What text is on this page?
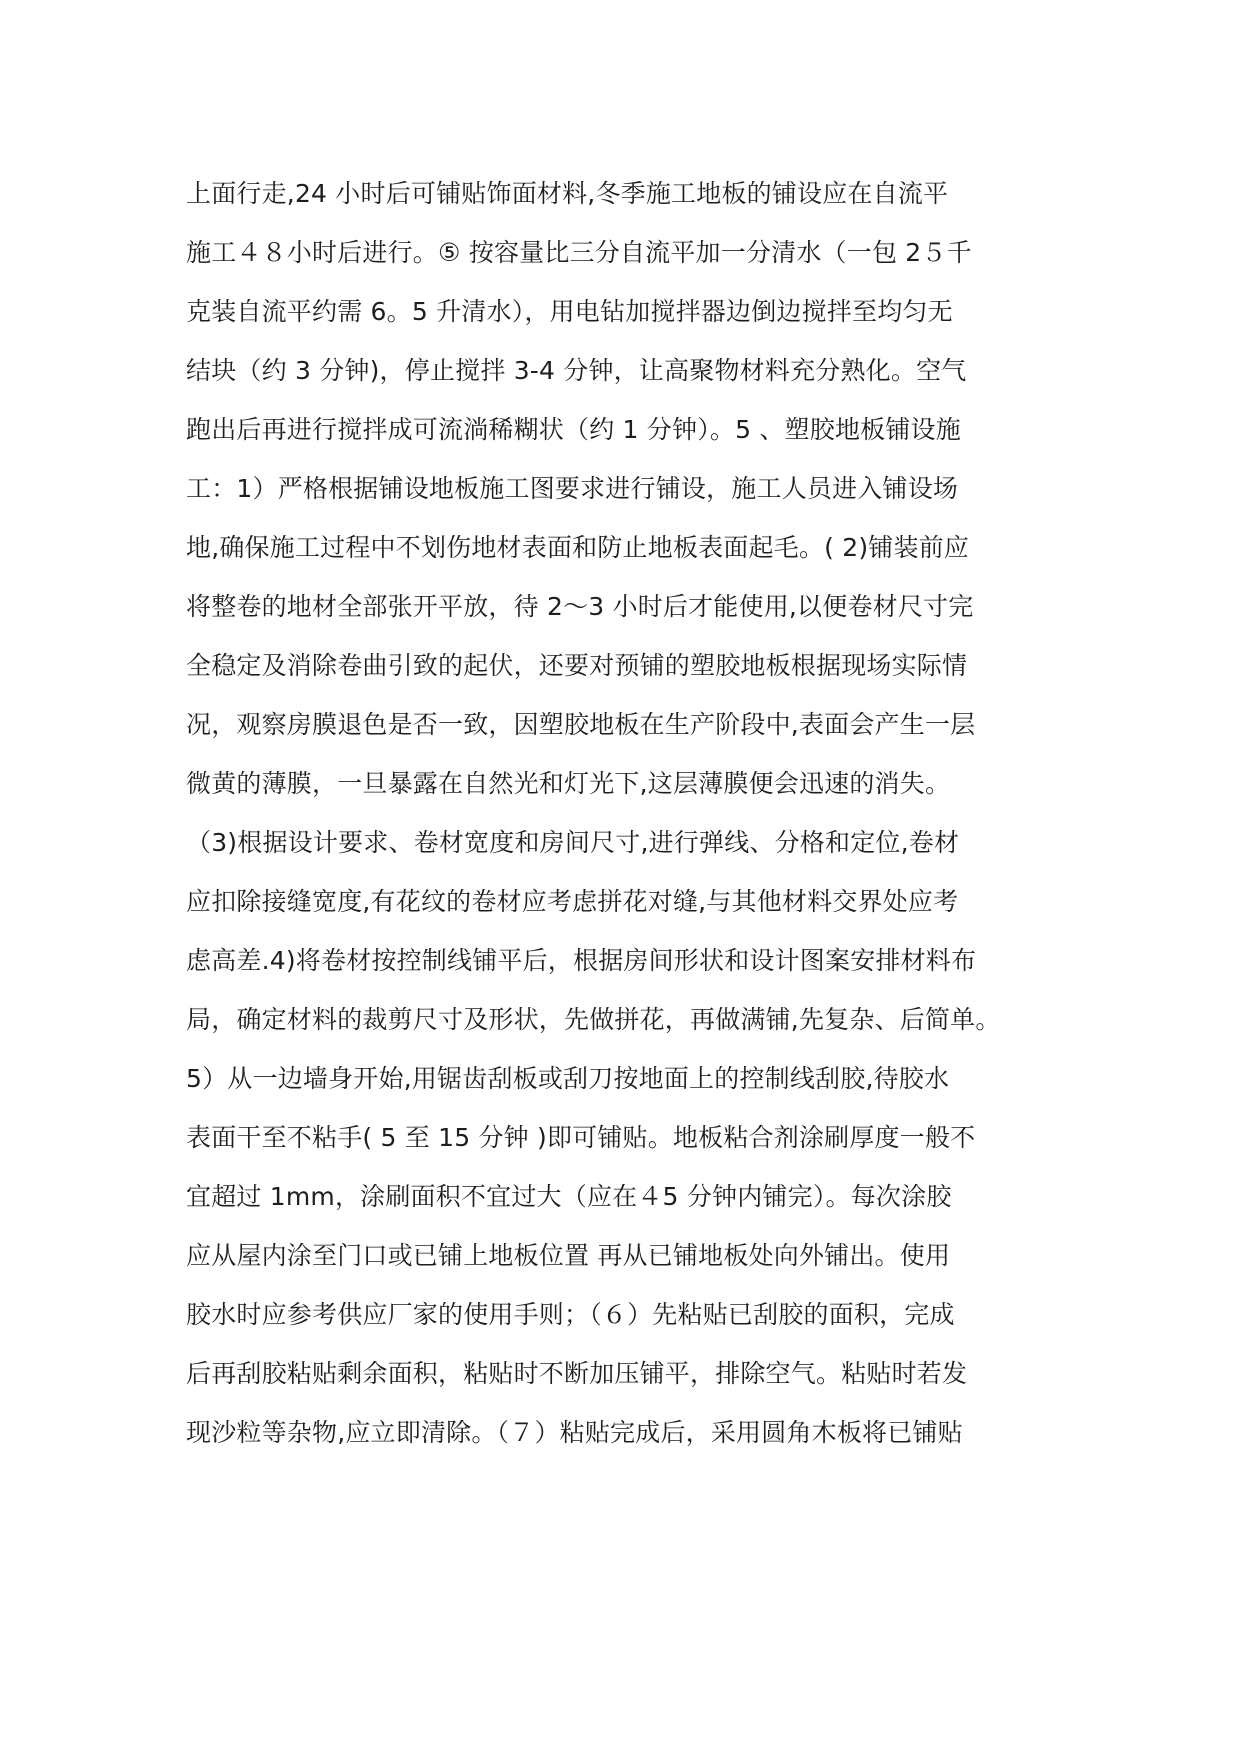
上面行走,24 小时后可铺贴饰面材料,冬季施工地板的铺设应在自流平
施工４８小时后进行。⑤ 按容量比三分自流平加一分清水（一包 2５千
克装自流平约需 6。5 升清水），用电钻加搅拌器边倒边搅拌至均匀无
结块（约 3 分钟)，停止搅拌 3-4 分钟，让高聚物材料充分熟化。空气
跑出后再进行搅拌成可流淌稀糊状（约 1 分钟）。5 、塑胶地板铺设施
工：1）严格根据铺设地板施工图要求进行铺设，施工人员进入铺设场
地,确保施工过程中不划伤地材表面和防止地板表面起毛。( 2)铺装前应
将整卷的地材全部张开平放，待 2～3 小时后才能使用,以便卷材尺寸完
全稳定及消除卷曲引致的起伏，还要对预铺的塑胶地板根据现场实际情
况，观察房膜退色是否一致，因塑胶地板在生产阶段中,表面会产生一层
微黄的薄膜，一旦暴露在自然光和灯光下,这层薄膜便会迅速的消失。
（3)根据设计要求、卷材宽度和房间尺寸,进行弹线、分格和定位,卷材
应扣除接缝宽度,有花纹的卷材应考虑拼花对缝,与其他材料交界处应考
虑高差.4)将卷材按控制线铺平后，根据房间形状和设计图案安排材料布
局，确定材料的裁剪尺寸及形状，先做拼花，再做满铺,先复杂、后简单。
5）从一边墙身开始,用锯齿刮板或刮刀按地面上的控制线刮胶,待胶水
表面干至不粘手( 5 至 15 分钟 )即可铺贴。地板粘合剂涂刷厚度一般不
宜超过 1mm，涂刷面积不宜过大（应在４5 分钟内铺完）。每次涂胶
应从屋内涂至门口或已铺上地板位置 再从已铺地板处向外铺出。使用
胶水时应参考供应厂家的使用手则；（６）先粘贴已刮胶的面积，完成
后再刮胶粘贴剩余面积，粘贴时不断加压铺平，排除空气。粘贴时若发
现沙粒等杂物,应立即清除。（７）粘贴完成后，采用圆角木板将已铺贴
